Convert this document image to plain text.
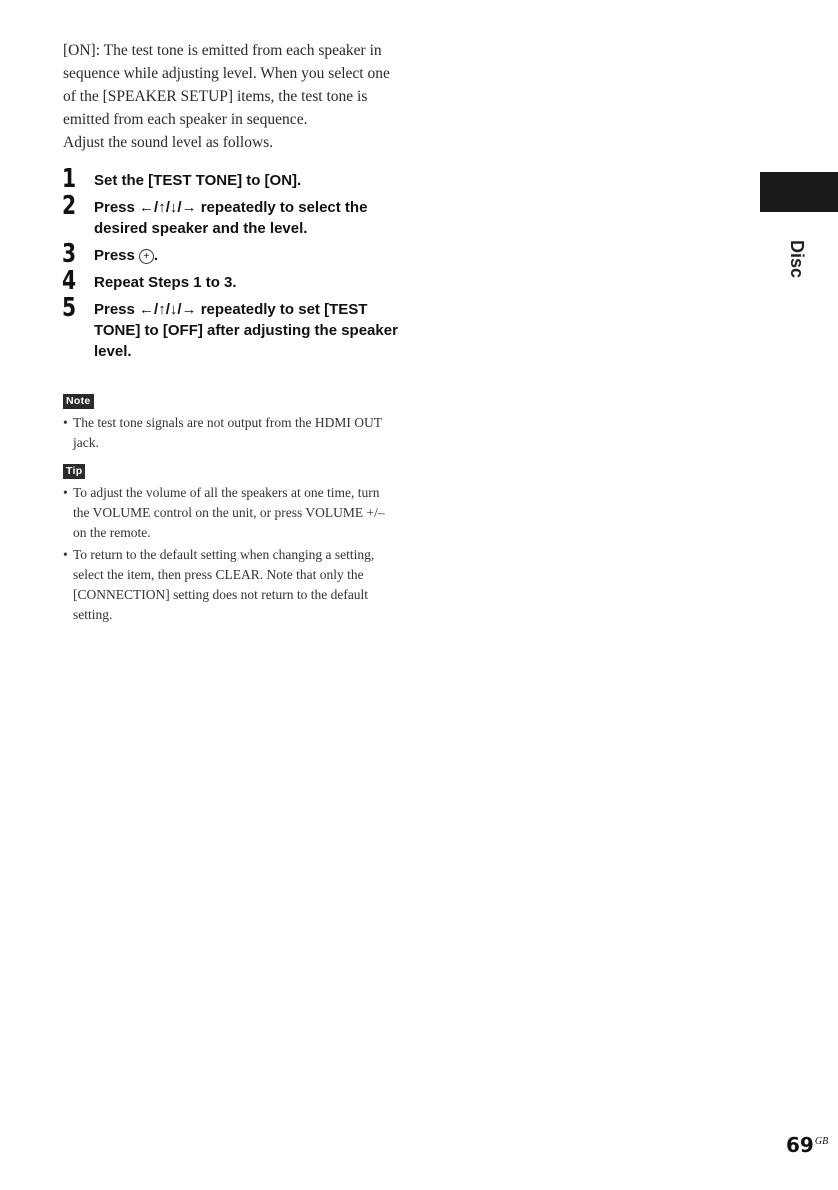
[ON]: The test tone is emitted from each speaker in sequence while adjusting level. When you select one of the [SPEAKER SETUP] items, the test tone is emitted from each speaker in sequence.

Adjust the sound level as follows.

1 Set the [TEST TONE] to [ON].
2 Press ←/↑/↓/→ repeatedly to select the desired speaker and the level.
3 Press + .
4 Repeat Steps 1 to 3.
5 Press ←/↑/↓/→ repeatedly to set [TEST TONE] to [OFF] after adjusting the speaker level.
Note
• The test tone signals are not output from the HDMI OUT jack.
Tip
• To adjust the volume of all the speakers at one time, turn the VOLUME control on the unit, or press VOLUME +/– on the remote.
• To return to the default setting when changing a setting, select the item, then press CLEAR. Note that only the [CONNECTION] setting does not return to the default setting.
Disc
$69^{GB}$
